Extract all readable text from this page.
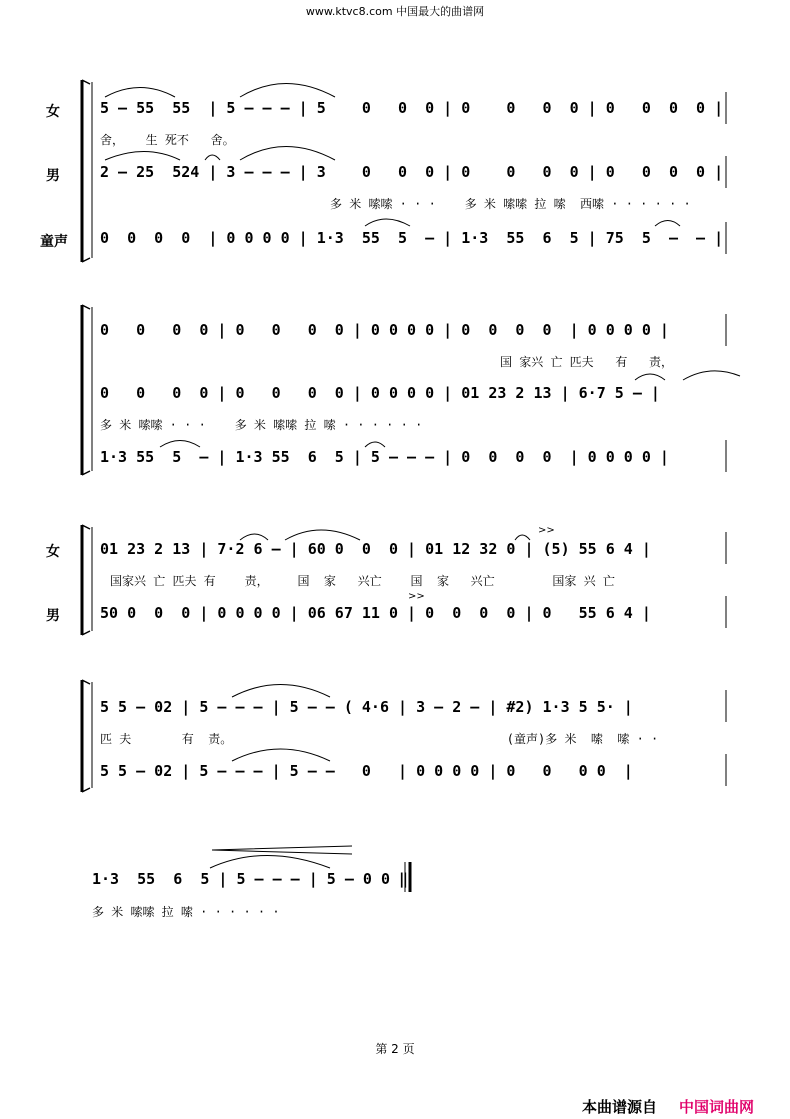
www.ktvc8.com 中国最大的曲谱网
>>
>>
女
男
童声
女
男
5 – 55  55  | 5 – – – | 5    0   0  0 | 0    0   0  0 | 0   0  0  0 |
舍，   生 死不   舍。
2 – 25  524 | 3 – – – | 3    0   0  0 | 0    0   0  0 | 0   0  0  0 |
多 米 嗦嗦 · · ·    多 米 嗦嗦 拉 嗦  西嗦 · · · · · ·
0  0  0  0  | 0 0 0 0 | 1·3  55  5  – | 1·3  55  6  5 | 75  5  –  – |
0   0   0  0 | 0   0   0  0 | 0 0 0 0 | 0  0  0  0  | 0 0 0 0 |
国 家兴 亡 匹夫   有   责，
0   0   0  0 | 0   0   0  0 | 0 0 0 0 | 01 23 2 13 | 6·7 5 – |
多 米 嗦嗦 · · ·    多 米 嗦嗦 拉 嗦 · · · · · ·
1·3 55  5  – | 1·3 55  6  5 | 5 – – – | 0  0  0  0  | 0 0 0 0 |
01 23 2 13 | 7·2 6 – | 60 0  0  0 | 01 12 32 0 | (5) 55 6 4 |
国家兴 亡 匹夫 有    责，    国  家   兴亡    国  家   兴亡        国家 兴 亡
50 0  0  0 | 0 0 0 0 | 06 67 11 0 | 0  0  0  0 | 0   55 6 4 |
5 5 – 02 | 5 – – – | 5 – – ( 4·6 | 3 – 2 – | #2) 1·3 5 5· |
匹 夫       有  责。                                      (童声)多 米  嗦  嗦 · ·
5 5 – 02 | 5 – – – | 5 – –   0   | 0 0 0 0 | 0   0   0 0  |
1·3  55  6  5 | 5 – – – | 5 – 0 0 ‖
多 米 嗦嗦 拉 嗦 · · · · · ·
第 2 页
本曲谱源自 中国词曲网
